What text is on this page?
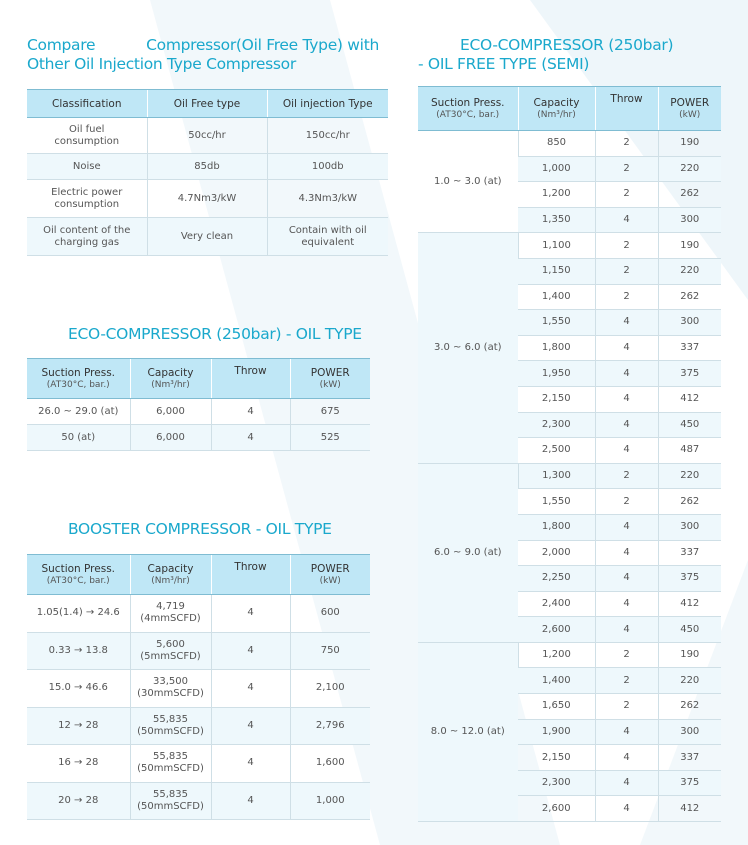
Compare           Compressor(Oil Free Type) with
Other Oil Injection Type Compressor
Classification	Oil Free type	Oil injection Type

Oil fuel
consumption	50cc/hr	150cc/hr

Noise	85db	100db

Electric power
consumption	4.7Nm3/kW	4.3Nm3/kW

Oil content of the
charging gas	Very clean	Contain with oil
equivalent
ECO-COMPRESSOR (250bar) - OIL TYPE
Suction Press.
(AT30°C, bar.)	Capacity
(Nm³/hr)	Throw	POWER
(kW)

26.0 ~ 29.0 (at)	6,000	4	675
50 (at)	6,000	4	525
BOOSTER COMPRESSOR - OIL TYPE
Suction Press.
(AT30°C, bar.)	Capacity
(Nm³/hr)	Throw	POWER
(kW)

1.05(1.4) → 24.6	4,719
(4mmSCFD)	4	600
0.33 → 13.8	5,600
(5mmSCFD)	4	750
15.0 → 46.6	33,500
(30mmSCFD)	4	2,100
12 → 28	55,835
(50mmSCFD)	4	2,796
16 → 28	55,835
(50mmSCFD)	4	1,600
20 → 28	55,835
(50mmSCFD)	4	1,000
ECO-COMPRESSOR (250bar)
- OIL FREE TYPE (SEMI)
Suction Press.
(AT30°C, bar.)	Capacity
(Nm³/hr)	Throw	POWER
(kW)

1.0 ~ 3.0 (at)	850	2	190
	1,000	2	220
	1,200	2	262
	1,350	4	300
3.0 ~ 6.0 (at)	1,100	2	190
	1,150	2	220
	1,400	2	262
	1,550	4	300
	1,800	4	337
	1,950	4	375
	2,150	4	412
	2,300	4	450
	2,500	4	487
6.0 ~ 9.0 (at)	1,300	2	220
	1,550	2	262
	1,800	4	300
	2,000	4	337
	2,250	4	375
	2,400	4	412
	2,600	4	450
8.0 ~ 12.0 (at)	1,200	2	190
	1,400	2	220
	1,650	2	262
	1,900	4	300
	2,150	4	337
	2,300	4	375
	2,600	4	412
